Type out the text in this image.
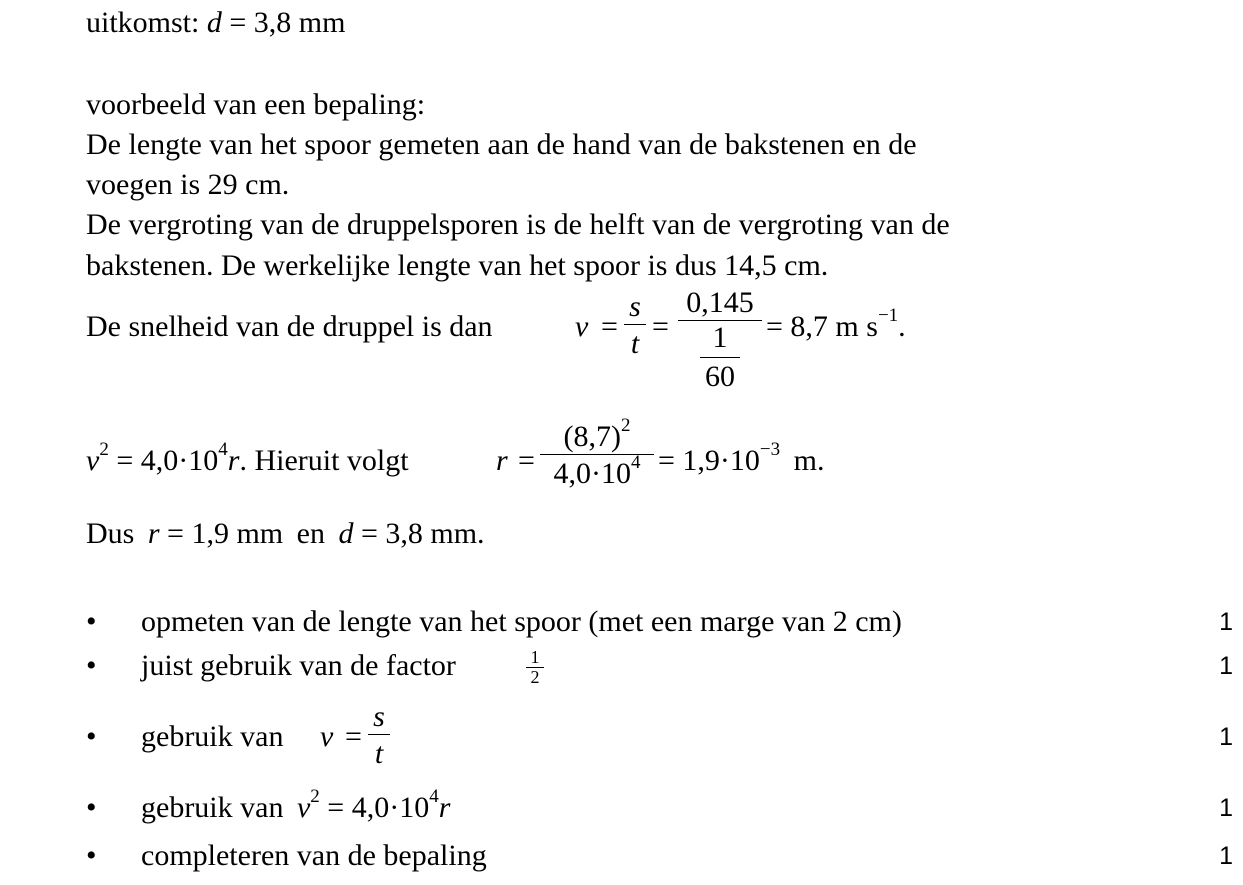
uitkomst: d = 3,8 mm
voorbeeld van een bepaling:
De lengte van het spoor gemeten aan de hand van de bakstenen en de
voegen is 29 cm.
De vergroting van de druppelsporen is de helft van de vergroting van de
bakstenen. De werkelijke lengte van het spoor is dus 14,5 cm.
De snelheid van de druppel is dan	$v = \frac{s}{t} = 0,145$
1
60 = 8,7 m $s^{-1}$.
$v^2 = 4,0\cdot 10^4r$. Hieruit volgt	$r = \frac{(8,7)^2}{4,0\cdot 10^4} = 1,9\cdot 10^{-3}$ m.
Dus r = 1,9 mm en d = 3,8 mm.
• opmeten van de lengte van het spoor (met een marge van 2 cm)	1
• juist gebruik van de factor	$\frac{1}{2}$	1
• gebruik van $v = \frac{s}{t}$	1
• gebruik van $v^2 = 4,0\cdot 10^4r$	1
• completeren van de bepaling	1
